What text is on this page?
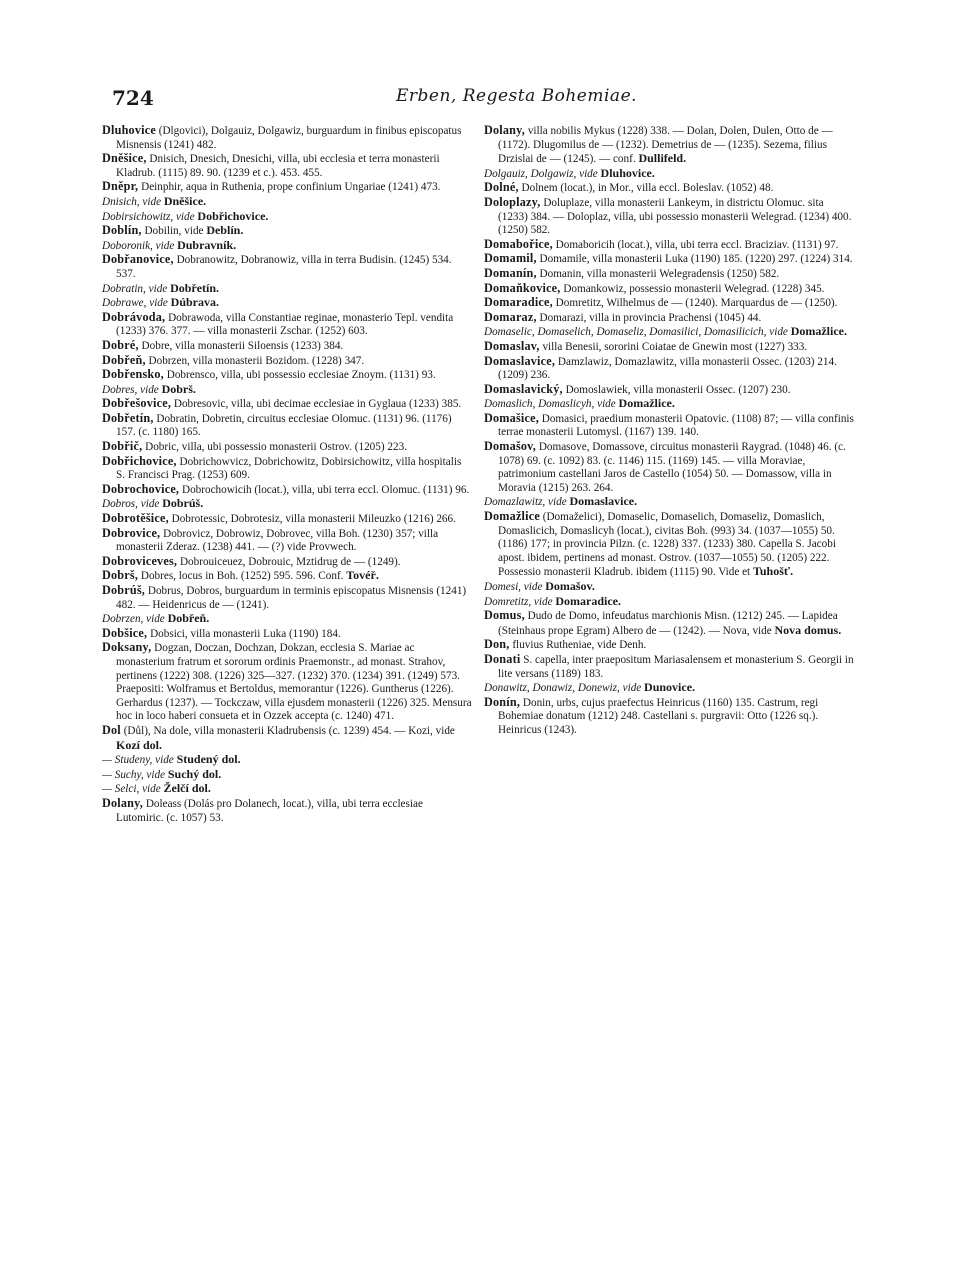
724	Erben, Regesta Bohemiae.

Dluhovice (Dlgovici), Dolgauiz, Dolgawiz, burguardum in finibus episcopatus Misnensis (1241) 482.

Dněšice, Dnisich, Dnesich, Dnesichi, villa, ubi ecclesia et terra monasterii Kladrub. (1115) 89. 90. (1239 et c.). 453. 455.

Dněpr, Deinphir, aqua in Ruthenia, prope confinium Ungariae (1241) 473.

Dnisich, vide Dněšice.

Dobirsichowitz, vide Dobřichovice.

Doblín, Dobilin, vide Deblín.

Doboronik, vide Dubravník.

Dobřanovice, Dobranowitz, Dobranowiz, villa in terra Budisin. (1245) 534. 537.

Dobratin, vide Dobřetín.

Dobrawe, vide Dúbrava.

Dobrávoda, Dobrawoda, villa Constantiae reginae, monasterio Tepl. vendita (1233) 376. 377. — villa monasterii Zschar. (1252) 603.

Dobré, Dobre, villa monasterii Siloensis (1233) 384.

Dobřeň, Dobrzen, villa monasterii Bozidom. (1228) 347.

Dobřensko, Dobrensco, villa, ubi possessio ecclesiae Znoym. (1131) 93.

Dobres, vide Dobrš.

Dobřešovice, Dobresovic, villa, ubi decimae ecclesiae in Gyglaua (1233) 385.

Dobřetín, Dobratin, Dobretin, circuitus ecclesiae Olomuc. (1131) 96. (1176) 157. (c. 1180) 165.

Dobřič, Dobric, villa, ubi possessio monasterii Ostrov. (1205) 223.

Dobřichovice, Dobrichowvicz, Dobrichowitz, Dobirsichowitz, villa hospitalis S. Francisci Prag. (1253) 609.

Dobrochovice, Dobrochowicih (locat.), villa, ubi terra eccl. Olomuc. (1131) 96.

Dobros, vide Dobrúš.

Dobrotěšice, Dobrotessic, Dobrotesiz, villa monasterii Mileuzko (1216) 266.

Dobrovice, Dobrovicz, Dobrowiz, Dobrovec, villa Boh. (1230) 357; villa monasterii Zderaz. (1238) 441. — (?) vide Provwech.

Dobroviceves, Dobrouiceuez, Dobrouic, Mztidrug de — (1249).

Dobrš, Dobres, locus in Boh. (1252) 595. 596. Conf. Tovéř.

Dobrúš, Dobrus, Dobros, burguardum in terminis episcopatus Misnensis (1241) 482. — Heidenricus de — (1241).

Dobrzen, vide Dobřeň.

Dobšice, Dobsici, villa monasterii Luka (1190) 184.

Doksany, Dogzan, Doczan, Dochzan, Dokzan, ecclesia S. Mariae ac monasterium fratrum et sororum ordinis Praemonstr., ad monast. Strahov, pertinens (1222) 308. (1226) 325—327. (1232) 370. (1234) 391. (1249) 573. Praepositi: Wolframus et Bertoldus, memorantur (1226). Guntherus (1226). Gerhardus (1237). — Tockczaw, villa ejusdem monasterii (1226) 325. Mensura hoc in loco haberi consueta et in Ozzek accepta (c. 1240) 471.

Dol (Důl), Na dole, villa monasterii Kladrubensis (c. 1239) 454. — Kozi, vide Kozí dol.

— Studeny, vide Studený dol.

— Suchy, vide Suchý dol.

— Selci, vide Želčí dol.

Dolany, Doleass (Dolás pro Dolanech, locat.), villa, ubi terra ecclesiae Lutomiric. (c. 1057) 53.

Dolany, villa nobilis Mykus (1228) 338. — Dolan, Dolen, Dulen, Otto de — (1172). Dlugomilus de — (1232). Demetrius de — (1235). Sezema, filius Drzislai de — (1245). — conf. Dullifeld.

Dolgauiz, Dolgawiz, vide Dluhovice.

Dolné, Dolnem (locat.), in Mor., villa eccl. Boleslav. (1052) 48.

Doloplazy, Doluplaze, villa monasterii Lankeym, in districtu Olomuc. sita (1233) 384. — Doloplaz, villa, ubi possessio monasterii Welegrad. (1234) 400. (1250) 582.

Domabořice, Domaboricih (locat.), villa, ubi terra eccl. Braciziav. (1131) 97.

Domamil, Domamile, villa monasterii Luka (1190) 185. (1220) 297. (1224) 314.

Domanín, Domanin, villa monasterii Welegradensis (1250) 582.

Domaňkovice, Domankowiz, possessio monasterii Welegrad. (1228) 345.

Domaradice, Domretitz, Wilhelmus de — (1240). Marquardus de — (1250).

Domaraz, Domarazi, villa in provincia Prachensi (1045) 44.

Domaselic, Domaselich, Domaseliz, Domasilici, Domasilicich, vide Domažlice.

Domaslav, villa Benesii, sororini Coiatae de Gnewin most (1227) 333.

Domaslavice, Damzlawiz, Domazlawitz, villa monasterii Ossec. (1203) 214. (1209) 236.

Domaslavický, Domoslawiek, villa monasterii Ossec. (1207) 230.

Domaslich, Domaslicyh, vide Domažlice.

Domašice, Domasici, praedium monasterii Opatovic. (1108) 87; — villa confinis terrae monasterii Lutomysl. (1167) 139. 140.

Domašov, Domasove, Domassove, circuitus monasterii Raygrad. (1048) 46. (c. 1078) 69. (c. 1092) 83. (c. 1146) 115. (1169) 145. — villa Moraviae, patrimonium castellani Jaros de Castello (1054) 50. — Domassow, villa in Moravia (1215) 263. 264.

Domazlawitz, vide Domaslavice.

Domažlice (Domaželici), Domaselic, Domaselich, Domaseliz, Domaslich, Domaslicich, Domaslicyh (locat.), civitas Boh. (993) 34. (1037—1055) 50. (1186) 177; in provincia Pilzn. (c. 1228) 337. (1233) 380. Capella S. Jacobi apost. ibidem, pertinens ad monast. Ostrov. (1037—1055) 50. (1205) 222. Possessio monasterii Kladrub. ibidem (1115) 90. Vide et Tuhošť.

Domesi, vide Domašov.

Domretitz, vide Domaradice.

Domus, Dudo de Domo, infeudatus marchionis Misn. (1212) 245. — Lapidea (Steinhaus prope Egram) Albero de — (1242). — Nova, vide Nova domus.

Don, fluvius Rutheniae, vide Denh.

Donati S. capella, inter praepositum Mariasalensem et monasterium S. Georgii in lite versans (1189) 183.

Donawitz, Donawiz, Donewiz, vide Dunovice.

Donín, Donin, urbs, cujus praefectus Heinricus (1160) 135. Castrum, regi Bohemiae donatum (1212) 248. Castellani s. purgravii: Otto (1226 sq.). Heinricus (1243).
